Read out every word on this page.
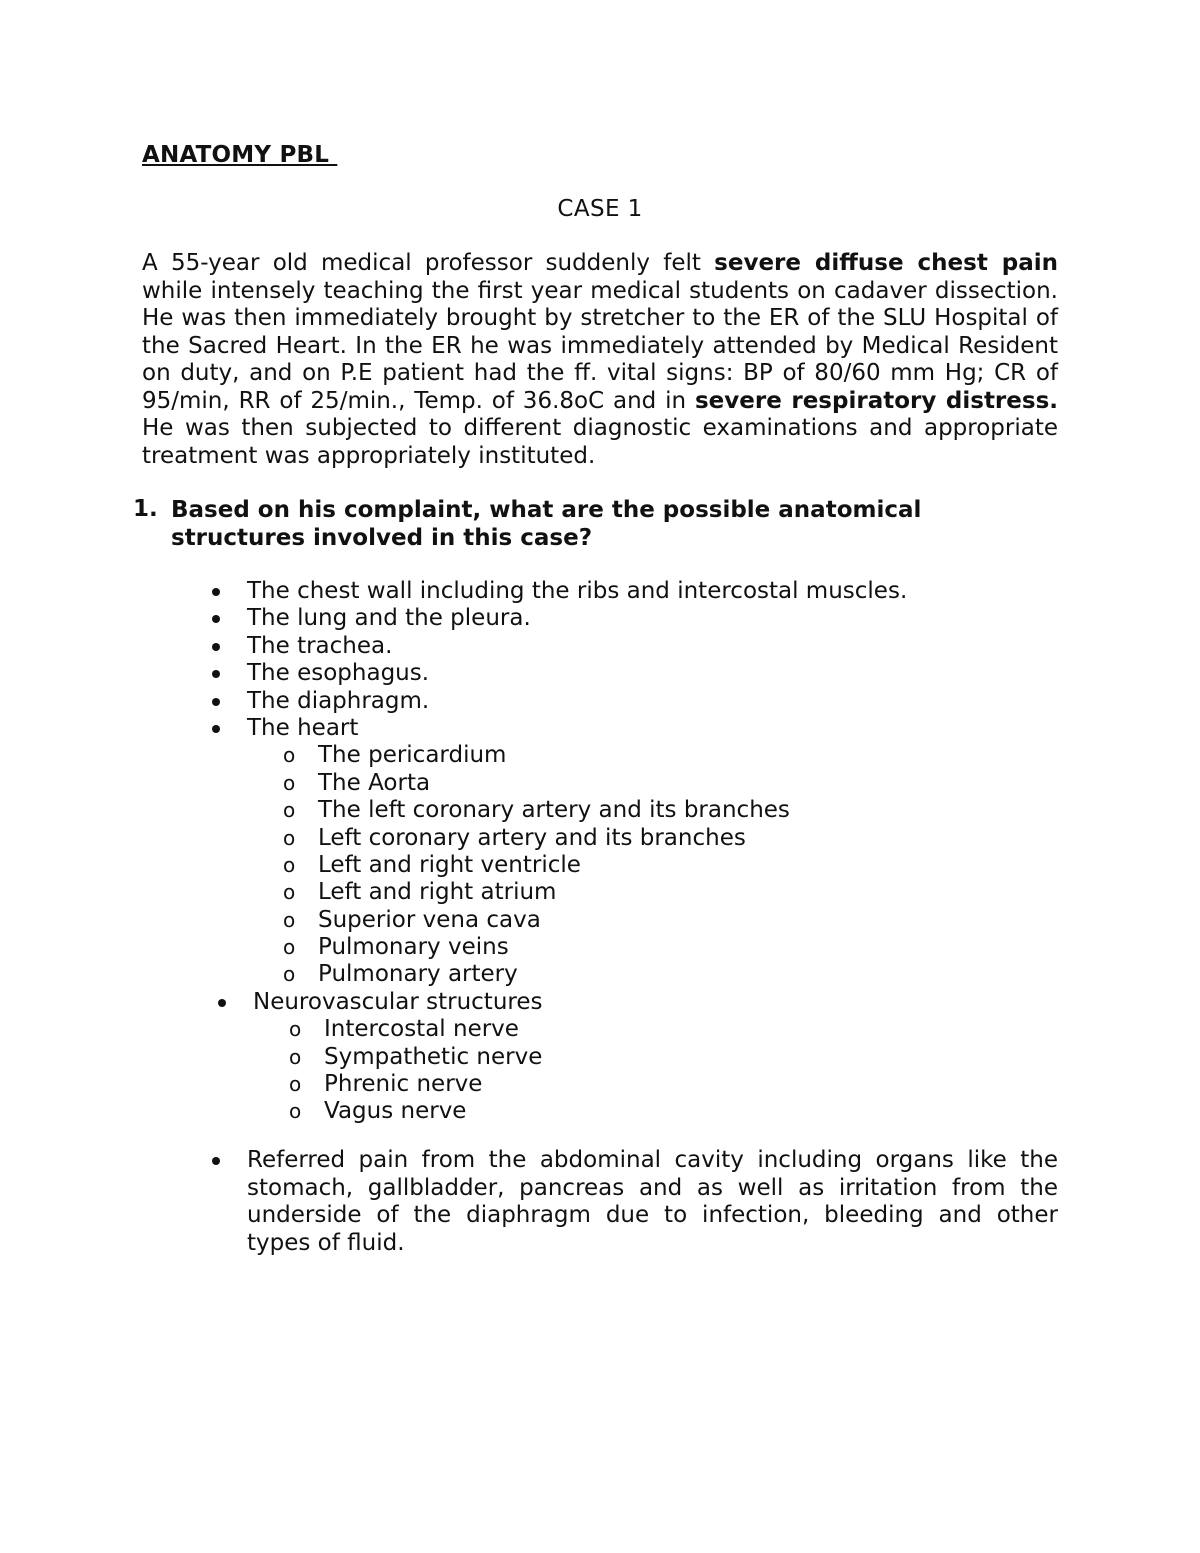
ANATOMY PBL
CASE 1

A 55-year old medical professor suddenly felt severe diffuse chest pain while intensely teaching the first year medical students on cadaver dissection. He was then immediately brought by stretcher to the ER of the SLU Hospital of the Sacred Heart. In the ER he was immediately attended by Medical Resident on duty, and on P.E patient had the ff. vital signs: BP of 80/60 mm Hg; CR of 95/min, RR of 25/min., Temp. of 36.8oC and in severe respiratory distress. He was then subjected to different diagnostic examinations and appropriate treatment was appropriately instituted.

1. Based on his complaint, what are the possible anatomical structures involved in this case?
The chest wall including the ribs and intercostal muscles.
The lung and the pleura.
The trachea.
The esophagus.
The diaphragm.
The heart
o The pericardium
o The Aorta
o The left coronary artery and its branches
o Left coronary artery and its branches
o Left and right ventricle
o Left and right atrium
o Superior vena cava
o Pulmonary veins
o Pulmonary artery
Neurovascular structures
o Intercostal nerve
o Sympathetic nerve
o Phrenic nerve
o Vagus nerve
Referred pain from the abdominal cavity including organs like the stomach, gallbladder, pancreas and as well as irritation from the underside of the diaphragm due to infection, bleeding and other types of fluid.
